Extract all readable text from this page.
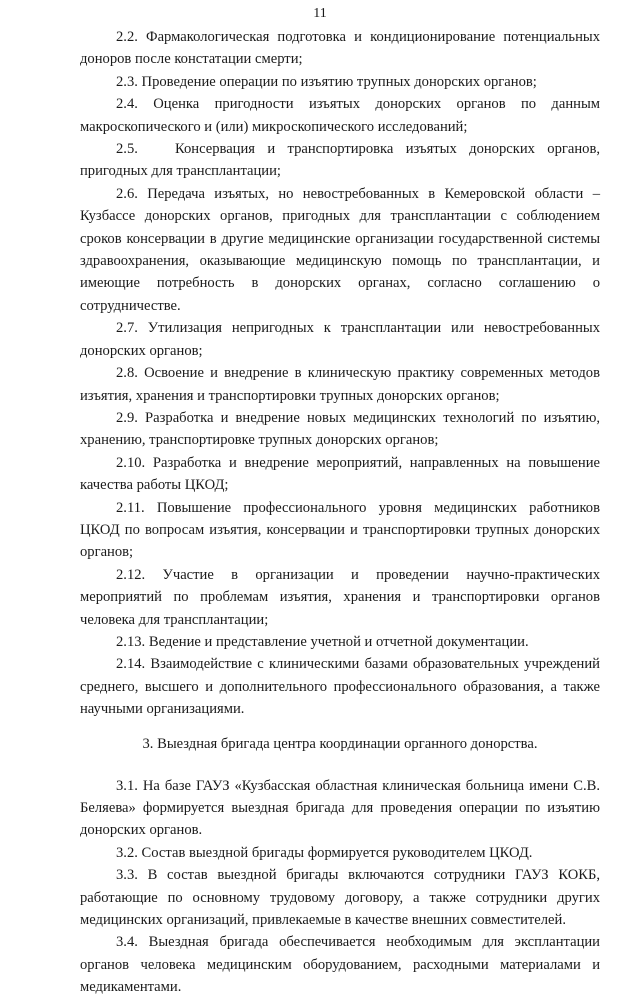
11

2.2. Фармакологическая подготовка и кондиционирование потенциальных доноров после констатации смерти;

2.3. Проведение операции по изъятию трупных донорских органов;

2.4. Оценка пригодности изъятых донорских органов по данным макроскопического и (или) микроскопического исследований;

2.5.   Консервация и транспортировка изъятых донорских органов, пригодных для трансплантации;

2.6. Передача изъятых, но невостребованных в Кемеровской области – Кузбассе донорских органов, пригодных для трансплантации с соблюдением сроков консервации в другие медицинские организации государственной системы здравоохранения, оказывающие медицинскую помощь по трансплантации, и имеющие потребность в донорских органах, согласно соглашению о сотрудничестве.

2.7. Утилизация непригодных к трансплантации или невостребованных донорских органов;

2.8. Освоение и внедрение в клиническую практику современных методов изъятия, хранения и транспортировки трупных донорских органов;

2.9. Разработка и внедрение новых медицинских технологий по изъятию, хранению, транспортировке трупных донорских органов;

2.10. Разработка и внедрение мероприятий, направленных на повышение качества работы ЦКОД;

2.11. Повышение профессионального уровня медицинских работников ЦКОД по вопросам изъятия, консервации и транспортировки трупных донорских органов;

2.12. Участие в организации и проведении научно-практических мероприятий по проблемам изъятия, хранения и транспортировки органов человека для трансплантации;

2.13. Ведение и представление учетной и отчетной документации.

2.14. Взаимодействие с клиническими базами образовательных учреждений среднего, высшего и дополнительного профессионального образования, а также научными организациями.

3. Выездная бригада центра координации органного донорства.

3.1. На базе ГАУЗ «Кузбасская областная клиническая больница имени С.В. Беляева» формируется выездная бригада для проведения операции по изъятию донорских органов.

3.2. Состав выездной бригады формируется руководителем ЦКОД.

3.3. В состав выездной бригады включаются сотрудники ГАУЗ КОКБ, работающие по основному трудовому договору, а также сотрудники других медицинских организаций, привлекаемые в качестве внешних совместителей.

3.4. Выездная бригада обеспечивается необходимым для эксплантации органов человека медицинским оборудованием, расходными материалами и медикаментами.
